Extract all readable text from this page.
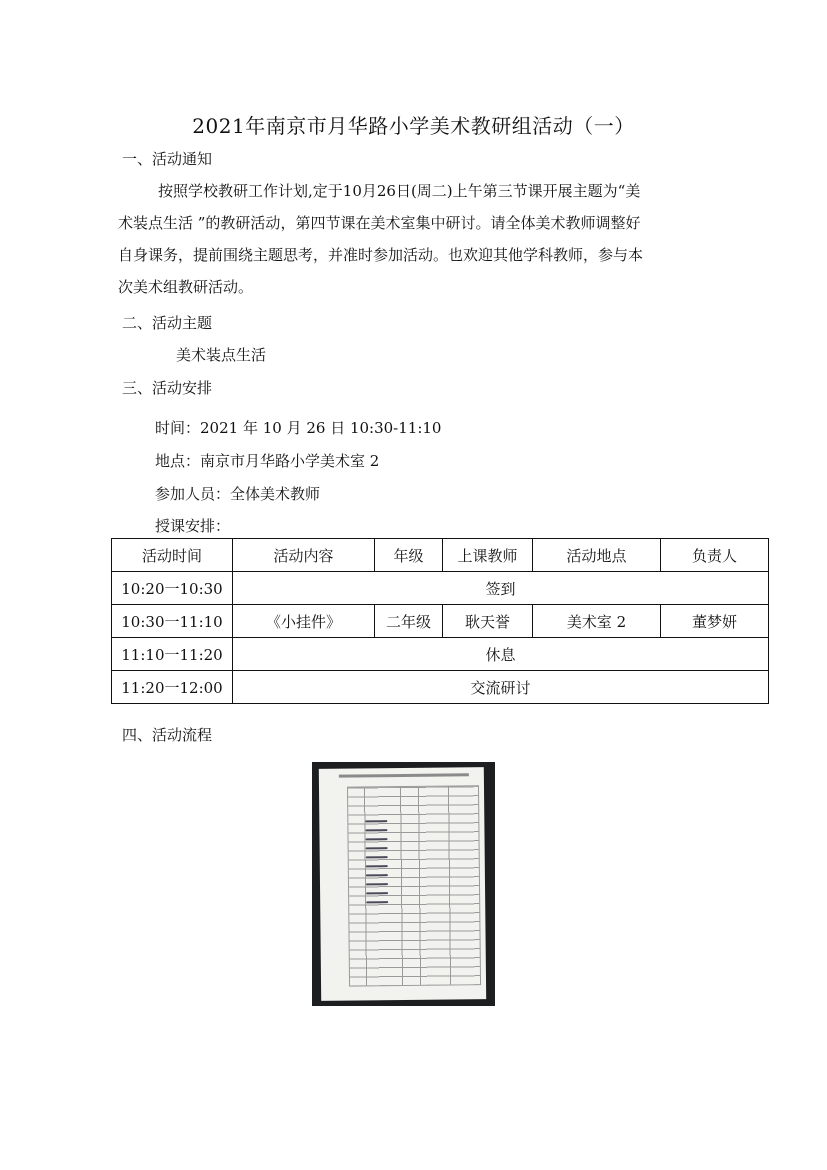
2021年南京市月华路小学美术教研组活动（一）
一、活动通知
按照学校教研工作计划,定于10月26日(周二)上午第三节课开展主题为“美
术装点生活 ”的教研活动，第四节课在美术室集中研讨。请全体美术教师调整好
自身课务，提前围绕主题思考，并准时参加活动。也欢迎其他学科教师，参与本
次美术组教研活动。
二、活动主题
美术装点生活
三、活动安排
时间：2021 年 10 月 26 日 10:30-11:10
地点：南京市月华路小学美术室 2
参加人员：全体美术教师
授课安排：
活动时间	活动内容	年级	上课教师	活动地点	负责人
10:20一10:30	签到				
10:30一11:10	《小挂件》	二年级	耿天誉	美术室 2	董梦妍
11:10一11:20	休息				
11:20一12:00	交流研讨				
四、活动流程
